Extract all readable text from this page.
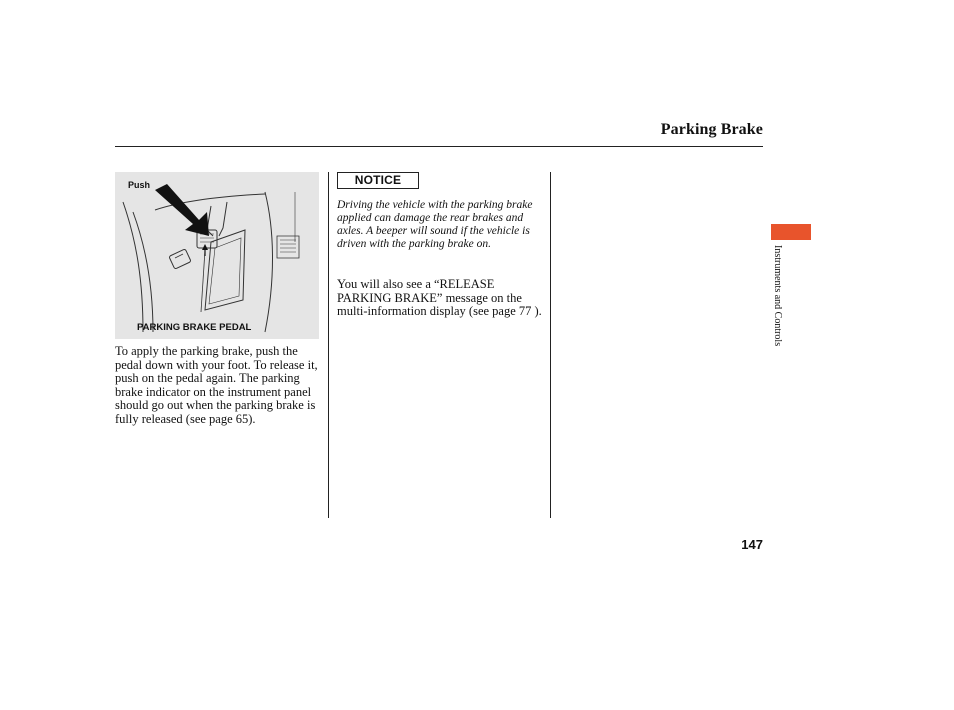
Parking Brake
Push
PARKING BRAKE PEDAL
To apply the parking brake, push the pedal down with your foot. To release it, push on the pedal again. The parking brake indicator on the instrument panel should go out when the parking brake is fully released (see page 65).
NOTICE
Driving the vehicle with the parking brake applied can damage the rear brakes and axles. A beeper will sound if the vehicle is driven with the parking brake on.
You will also see a “RELEASE PARKING BRAKE” message on the multi-information display (see page 77 ).	Instruments and Controls
147
